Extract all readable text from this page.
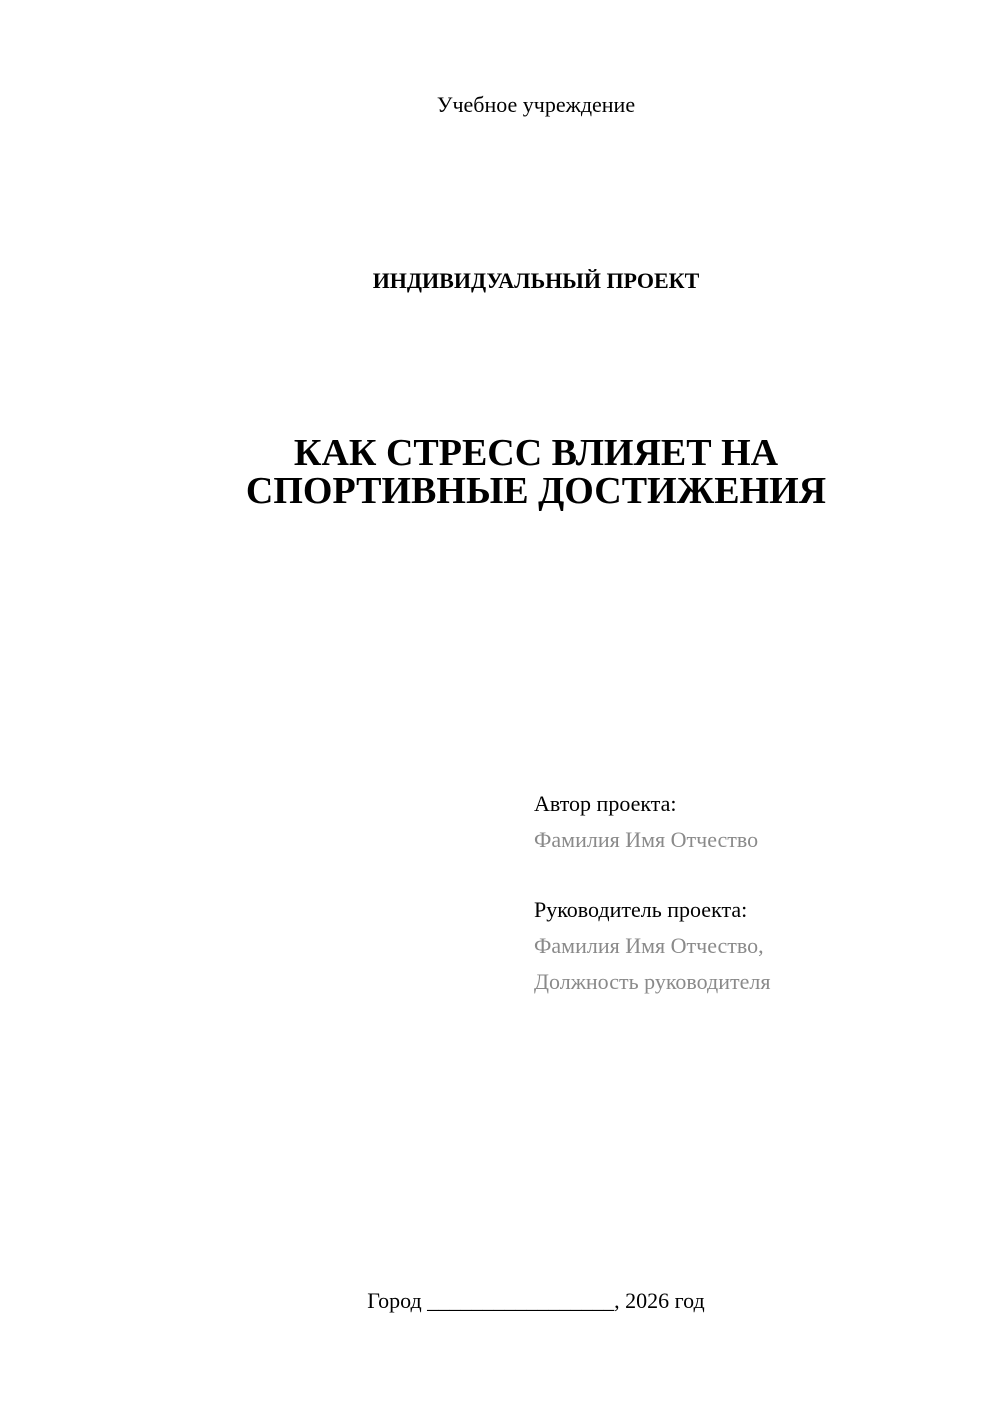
Учебное учреждение
ИНДИВИДУАЛЬНЫЙ ПРОЕКТ
КАК СТРЕСС ВЛИЯЕТ НА
СПОРТИВНЫЕ ДОСТИЖЕНИЯ
Автор проекта:
Фамилия Имя Отчество
Руководитель проекта:
Фамилия Имя Отчество,
Должность руководителя
Город _________________, 2026 год
